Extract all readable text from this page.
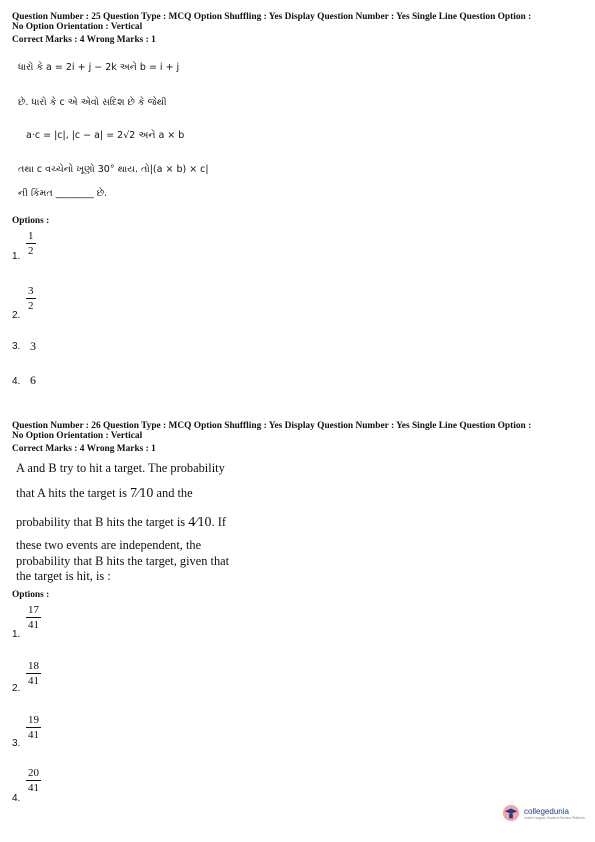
Question Number : 25 Question Type : MCQ Option Shuffling : Yes Display Question Number : Yes Single Line Question Option :
No Option Orientation : Vertical
Correct Marks : 4 Wrong Marks : 1
ધારો કે a = 2i + j − 2k અને b = i + j
છે. ધારો કે c એ એવો સદિશ છે કે જેથી
a·c = |c|, |c − a| = 2√2 અને a × b
તથા c વચ્ચેનો ખૂણો 30° થાય. તો|(a × b) × c|
ની કિંમત ________ છે.
Options :
1.
1
2
2.
3
2
3. 3
4. 6
Question Number : 26 Question Type : MCQ Option Shuffling : Yes Display Question Number : Yes Single Line Question Option :
No Option Orientation : Vertical
Correct Marks : 4 Wrong Marks : 1
A and B try to hit a target. The probability
that A hits the target is 7⁄10 and the
probability that B hits the target is 4⁄10. If
these two events are independent, the
probability that B hits the target, given that
the target is hit, is :
Options :
1.
17
41
2.
18
41
3.
19
41
4.
20
41
collegedunia
India's largest Student Review Platform
